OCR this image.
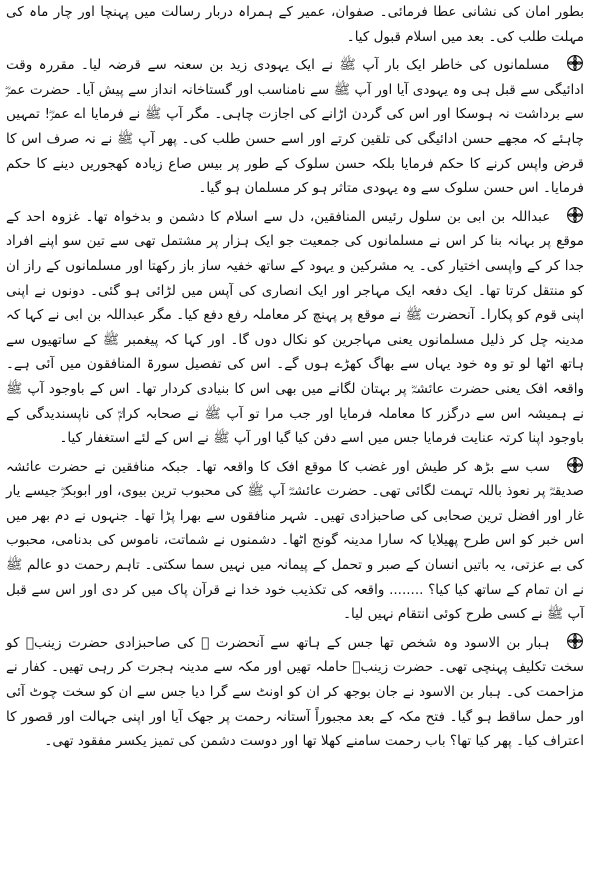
بطور امان کی نشانی عطا فرمائی۔ صفوان، عمیر کے ہمراہ دربار رسالت میں پہنچا اور چار ماہ کی مہلت طلب کی۔ بعد میں اسلام قبول کیا۔

مسلمانوں کی خاطر ایک بار آپ ﷺ نے ایک یہودی زید بن سعنہ سے قرضہ لیا۔ مقررہ وقت ادائیگی سے قبل ہی وہ یہودی آیا اور آپ ﷺ سے نامناسب اور گستاخانہ انداز سے پیش آیا۔ حضرت عمرؓ سے برداشت نہ ہوسکا اور اس کی گردن اڑانے کی اجازت چاہی۔ مگر آپ ﷺ نے فرمایا اے عمرؓ! تمہیں چاہئے کہ مجھے حسن ادائیگی کی تلقین کرتے اور اسے حسن طلب کی۔ پھر آپ ﷺ نے نہ صرف اس کا قرض واپس کرنے کا حکم فرمایا بلکہ حسن سلوک کے طور پر بیس صاع زیادہ کھجوریں دینے کا حکم فرمایا۔ اس حسن سلوک سے وہ یہودی متاثر ہو کر مسلمان ہو گیا۔

عبداللہ بن ابی بن سلول رئیس المنافقین، دل سے اسلام کا دشمن و بدخواہ تھا۔ غزوہ احد کے موقع پر بہانہ بنا کر اس نے مسلمانوں کی جمعیت جو ایک ہزار پر مشتمل تھی سے تین سو اپنے افراد جدا کر کے واپسی اختیار کی۔ یہ مشرکین و یہود کے ساتھ خفیہ ساز باز رکھتا اور مسلمانوں کے راز ان کو منتقل کرتا تھا۔ ایک دفعہ ایک مہاجر اور ایک انصاری کی آپس میں لڑائی ہو گئی۔ دونوں نے اپنی اپنی قوم کو پکارا۔ آنحضرت ﷺ نے موقع پر پہنچ کر معاملہ رفع دفع کیا۔ مگر عبداللہ بن ابی نے کہا کہ مدینہ چل کر ذلیل مسلمانوں یعنی مہاجرین کو نکال دوں گا۔ اور کہا کہ پیغمبر ﷺ کے ساتھیوں سے ہاتھ اٹھا لو تو وہ خود یہاں سے بھاگ کھڑے ہوں گے۔ اس کی تفصیل سورۃ المنافقون میں آئی ہے۔ واقعہ افک یعنی حضرت عائشہؓ پر بہتان لگانے میں بھی اس کا بنیادی کردار تھا۔ اس کے باوجود آپ ﷺ نے ہمیشہ اس سے درگزر کا معاملہ فرمایا اور جب مرا تو آپ ﷺ نے صحابہ کرامؓ کی ناپسندیدگی کے باوجود اپنا کرتہ عنایت فرمایا جس میں اسے دفن کیا گیا اور آپ ﷺ نے اس کے لئے استغفار کیا۔

سب سے بڑھ کر طیش اور غضب کا موقع افک کا واقعہ تھا۔ جبکہ منافقین نے حضرت عائشہ صدیقہؓ پر نعوذ باللہ تہمت لگائی تھی۔ حضرت عائشہؓ آپ ﷺ کی محبوب ترین بیوی، اور ابوبکرؓ جیسے یار غار اور افضل ترین صحابی کی صاحبزادی تھیں۔ شہر منافقوں سے بھرا پڑا تھا۔ جنہوں نے دم بھر میں اس خبر کو اس طرح پھیلایا کہ سارا مدینہ گونج اٹھا۔ دشمنوں نے شماتت، ناموس کی بدنامی، محبوب کی بے عزتی، یہ باتیں انسان کے صبر و تحمل کے پیمانہ میں نہیں سما سکتی۔ تاہم رحمت دو عالم ﷺ نے ان تمام کے ساتھ کیا کیا؟ ........ واقعہ کی تکذیب خود خدا نے قرآن پاک میں کر دی اور اس سے قبل آپ ﷺ نے کسی طرح کوئی انتقام نہیں لیا۔

ہبار بن الاسود وہ شخص تھا جس کے ہاتھ سے آنحضرت ﷺ کی صاحبزادی حضرت زینبؓ کو سخت تکلیف پہنچی تھی۔ حضرت زینبؓ حاملہ تھیں اور مکہ سے مدینہ ہجرت کر رہی تھیں۔ کفار نے مزاحمت کی۔ ہبار بن الاسود نے جان بوجھ کر ان کو اونٹ سے گرا دیا جس سے ان کو سخت چوٹ آئی اور حمل ساقط ہو گیا۔ فتح مکہ کے بعد مجبوراً آستانہ رحمت پر جھک آیا اور اپنی جہالت اور قصور کا اعتراف کیا۔ پھر کیا تھا؟ باب رحمت سامنے کھلا تھا اور دوست دشمن کی تمیز یکسر مفقود تھی۔
